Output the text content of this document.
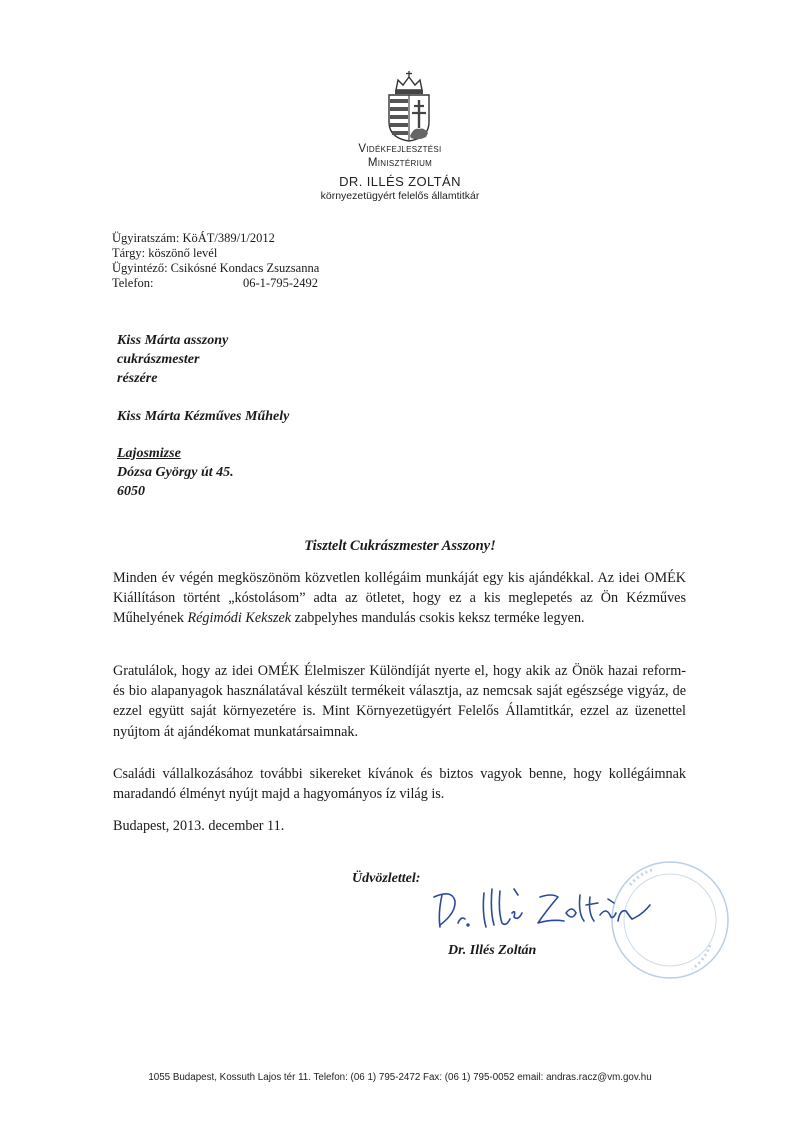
Vidékfejlesztési
Minisztérium
DR. ILLÉS ZOLTÁN
környezetügyért felelős államtitkár
Ügyiratszám: KöÁT/389/1/2012
Tárgy: köszönő levél
Ügyintéző: Csikósné Kondacs Zsuzsanna
Telefon:	06-1-795-2492
Kiss Márta asszony
cukrászmester
részére
Kiss Márta Kézműves Műhely
Lajosmizse
Dózsa György út 45.
6050
Tisztelt Cukrászmester Asszony!
Minden év végén megköszönöm közvetlen kollégáim munkáját egy kis ajándékkal. Az idei OMÉK Kiállításon történt „kóstolásom” adta az ötletet, hogy ez a kis meglepetés az Ön Kézműves Műhelyének Régimódi Kekszek zabpelyhes mandulás csokis keksz terméke legyen.
Gratulálok, hogy az idei OMÉK Élelmiszer Különdíját nyerte el, hogy akik az Önök hazai reform- és bio alapanyagok használatával készült termékeit választja, az nemcsak saját egészsége vigyáz, de ezzel együtt saját környezetére is. Mint Környezetügyért Felelős Államtitkár, ezzel az üzenettel nyújtom át ajándékomat munkatársaimnak.
Családi vállalkozásához további sikereket kívánok és biztos vagyok benne, hogy kollégáimnak maradandó élményt nyújt majd a hagyományos íz világ is.
Budapest, 2013. december 11.
Üdvözlettel:
Dr. Illés Zoltán
1055 Budapest, Kossuth Lajos tér 11. Telefon: (06 1) 795-2472 Fax: (06 1) 795-0052 email: andras.racz@vm.gov.hu
